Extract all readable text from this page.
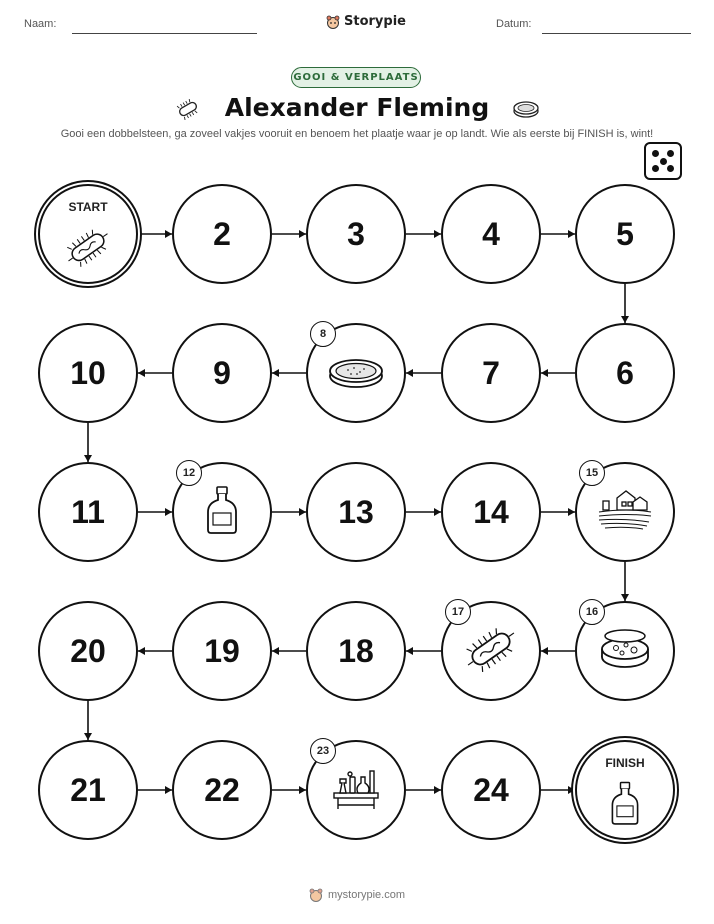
Naam:	Storypie	Datum:
GOOI & VERPLAATS
Alexander Fleming
Gooi een dobbelsteen, ga zoveel vakjes vooruit en benoem het plaatje waar je op landt. Wie als eerste bij FINISH is, wint!
START
2	3	4	5
6
7
8
9
10
11
12
13	14
15
16
17
18
19
20
21	22
23
24
FINISH
mystorypie.com
